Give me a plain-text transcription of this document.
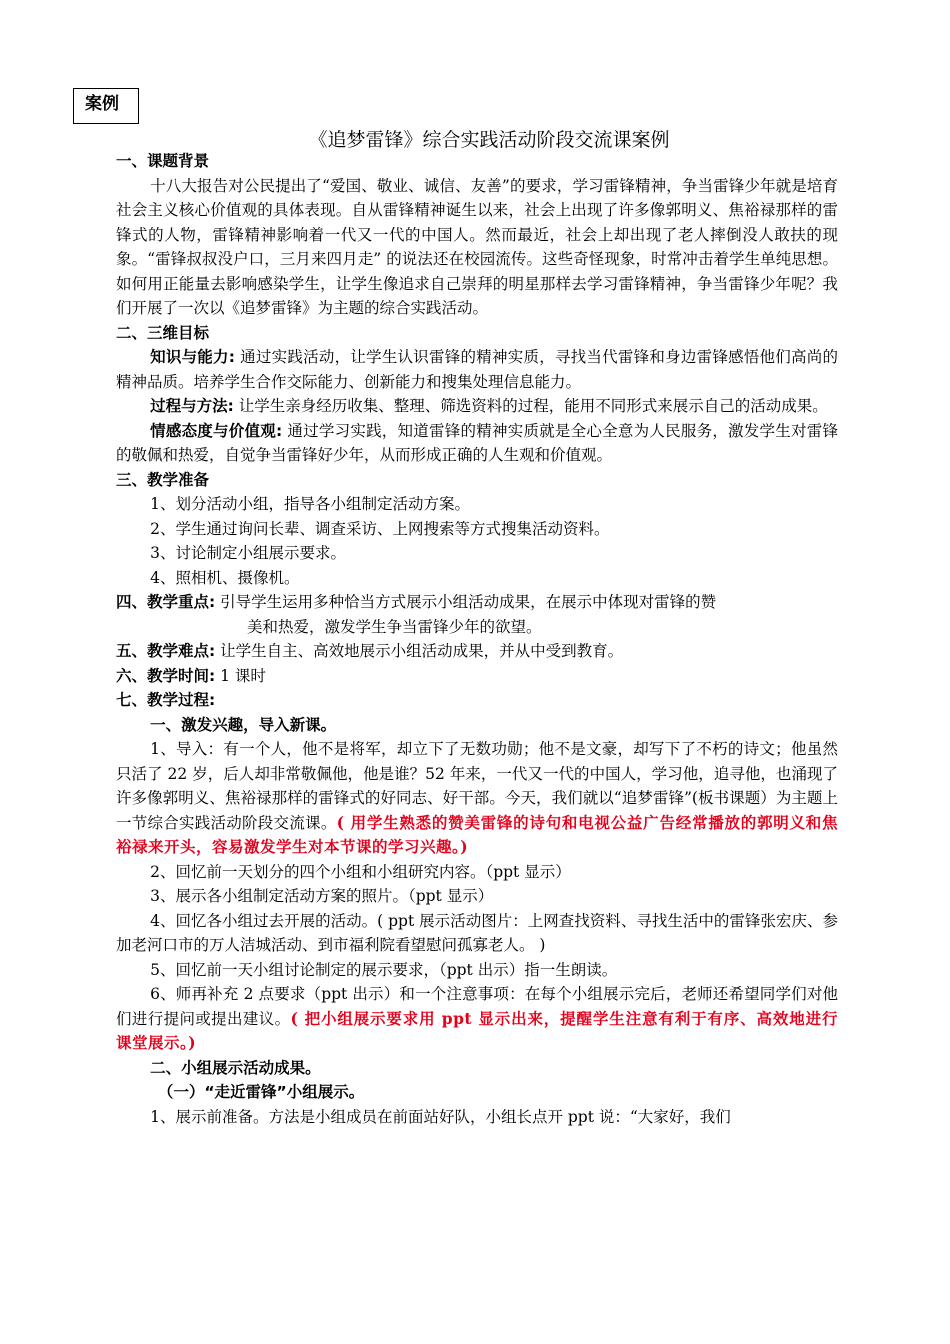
案例
《追梦雷锋》综合实践活动阶段交流课案例

一、课题背景

十八大报告对公民提出了“爱国、敬业、诚信、友善”的要求，学习雷锋精神，争当雷锋少年就是培育社会主义核心价值观的具体表现。自从雷锋精神诞生以来，社会上出现了许多像郭明义、焦裕禄那样的雷锋式的人物，雷锋精神影响着一代又一代的中国人。然而最近，社会上却出现了老人摔倒没人敢扶的现象。“雷锋叔叔没户口，三月来四月走” 的说法还在校园流传。这些奇怪现象，时常冲击着学生单纯思想。如何用正能量去影响感染学生，让学生像追求自己崇拜的明星那样去学习雷锋精神，争当雷锋少年呢？我们开展了一次以《追梦雷锋》为主题的综合实践活动。

二、三维目标

知识与能力: 通过实践活动，让学生认识雷锋的精神实质，寻找当代雷锋和身边雷锋感悟他们高尚的精神品质。培养学生合作交际能力、创新能力和搜集处理信息能力。

过程与方法: 让学生亲身经历收集、整理、筛选资料的过程，能用不同形式来展示自己的活动成果。

情感态度与价值观: 通过学习实践，知道雷锋的精神实质就是全心全意为人民服务，激发学生对雷锋的敬佩和热爱，自觉争当雷锋好少年，从而形成正确的人生观和价值观。

三、教学准备

1、划分活动小组，指导各小组制定活动方案。

2、学生通过询问长辈、调查采访、上网搜索等方式搜集活动资料。

3、讨论制定小组展示要求。

4、照相机、摄像机。

四、教学重点: 引导学生运用多种恰当方式展示小组活动成果，在展示中体现对雷锋的赞

美和热爱，激发学生争当雷锋少年的欲望。

五、教学难点: 让学生自主、高效地展示小组活动成果，并从中受到教育。

六、教学时间: 1 课时

七、教学过程:

一、激发兴趣，导入新课。

1、导入：有一个人，他不是将军，却立下了无数功勋；他不是文豪，却写下了不朽的诗文；他虽然只活了 22 岁，后人却非常敬佩他，他是谁？52 年来，一代又一代的中国人，学习他，追寻他，也涌现了许多像郭明义、焦裕禄那样的雷锋式的好同志、好干部。今天，我们就以“追梦雷锋”(板书课题）为主题上一节综合实践活动阶段交流课。( 用学生熟悉的赞美雷锋的诗句和电视公益广告经常播放的郭明义和焦裕禄来开头，容易激发学生对本节课的学习兴趣。)

2、回忆前一天划分的四个小组和小组研究内容。（ppt 显示）

3、展示各小组制定活动方案的照片。（ppt 显示）

4、回忆各小组过去开展的活动。( ppt 展示活动图片：上网查找资料、寻找生活中的雷锋张宏庆、参加老河口市的万人洁城活动、到市福利院看望慰问孤寡老人。 )

5、回忆前一天小组讨论制定的展示要求，（ppt 出示）指一生朗读。

6、师再补充 2 点要求（ppt 出示）和一个注意事项：在每个小组展示完后，老师还希望同学们对他们进行提问或提出建议。( 把小组展示要求用 ppt 显示出来，提醒学生注意有利于有序、高效地进行课堂展示。)

二、小组展示活动成果。

（一）“走近雷锋”小组展示。

1、展示前准备。方法是小组成员在前面站好队，小组长点开 ppt 说：“大家好，我们
